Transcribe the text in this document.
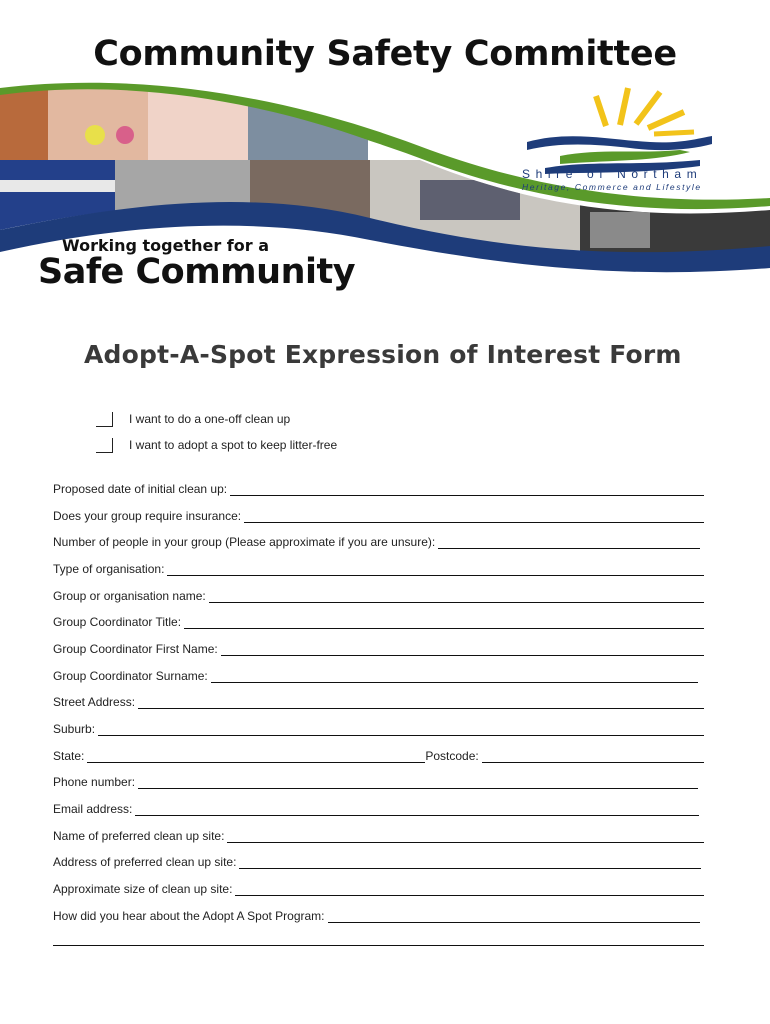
Community Safety Committee
Shire of Northam
Heritage, Commerce and Lifestyle
Working together for a
Safe Community
Adopt-A-Spot Expression of Interest Form
I want to do a one-off clean up
I want to adopt a spot to keep litter-free
Proposed date of initial clean up:
Does your group require insurance:
Number of people in your group (Please approximate if you are unsure):
Type of organisation:
Group or organisation name:
Group Coordinator Title:
Group Coordinator First Name:
Group Coordinator Surname:
Street Address:
Suburb:
State:	Postcode:
Phone number:
Email address:
Name of preferred clean up site:
Address of preferred clean up site:
Approximate size of clean up site:
How did you hear about the Adopt A Spot Program:
